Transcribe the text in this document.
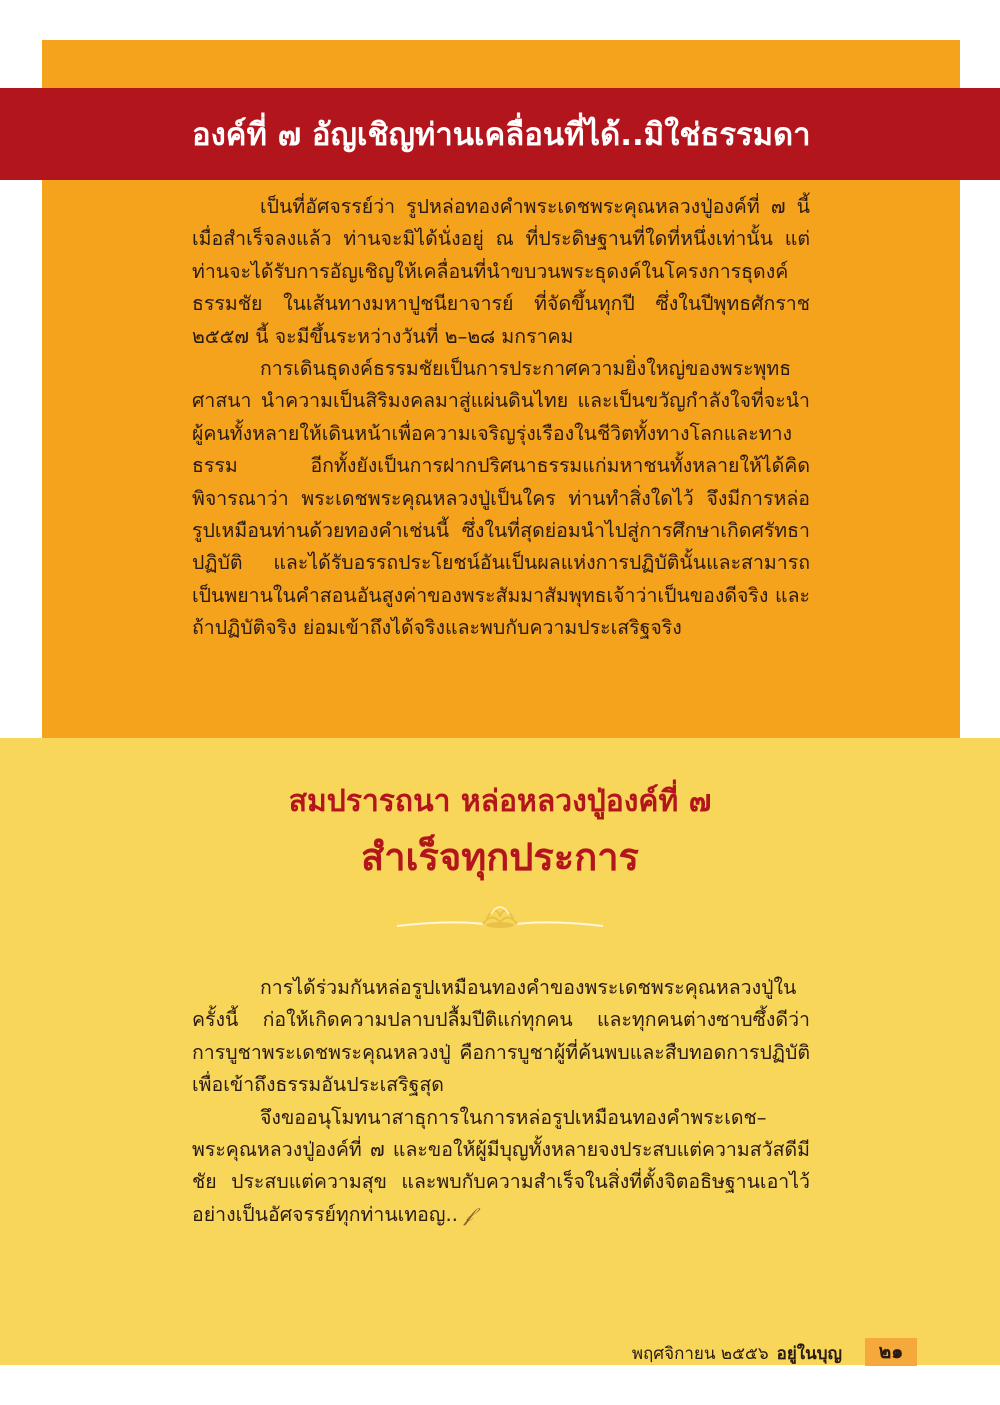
องค์ที่ ๗ อัญเชิญท่านเคลื่อนที่ได้..มิใช่ธรรมดา

เป็นที่อัศจรรย์ว่า รูปหล่อทองคำพระเดชพระคุณหลวงปู่องค์ที่ ๗ นี้ เมื่อสำเร็จลงแล้ว ท่านจะมิได้นั่งอยู่ ณ ที่ประดิษฐานที่ใดที่หนึ่งเท่านั้น แต่ท่านจะได้รับการอัญเชิญให้เคลื่อนที่นำขบวนพระธุดงค์ในโครงการธุดงค์ธรรมชัย ในเส้นทางมหาปูชนียาจารย์ ที่จัดขึ้นทุกปี ซึ่งในปีพุทธศักราช ๒๕๕๗ นี้ จะมีขึ้นระหว่างวันที่ ๒–๒๘ มกราคม

การเดินธุดงค์ธรรมชัยเป็นการประกาศความยิ่งใหญ่ของพระพุทธศาสนา นำความเป็นสิริมงคลมาสู่แผ่นดินไทย และเป็นขวัญกำลังใจที่จะนำผู้คนทั้งหลายให้เดินหน้าเพื่อความเจริญรุ่งเรืองในชีวิตทั้งทางโลกและทางธรรม อีกทั้งยังเป็นการฝากปริศนาธรรมแก่มหาชนทั้งหลายให้ได้คิดพิจารณาว่า พระเดชพระคุณหลวงปู่เป็นใคร ท่านทำสิ่งใดไว้ จึงมีการหล่อรูปเหมือนท่านด้วยทองคำเช่นนี้ ซึ่งในที่สุดย่อมนำไปสู่การศึกษาเกิดศรัทธาปฏิบัติ และได้รับอรรถประโยชน์อันเป็นผลแห่งการปฏิบัตินั้นและสามารถเป็นพยานในคำสอนอันสูงค่าของพระสัมมาสัมพุทธเจ้าว่าเป็นของดีจริง และถ้าปฏิบัติจริง ย่อมเข้าถึงได้จริงและพบกับความประเสริฐจริง

สมปรารถนา หล่อหลวงปู่องค์ที่ ๗
สำเร็จทุกประการ

การได้ร่วมกันหล่อรูปเหมือนทองคำของพระเดชพระคุณหลวงปู่ในครั้งนี้ ก่อให้เกิดความปลาบปลื้มปีติแก่ทุกคน และทุกคนต่างซาบซึ้งดีว่า การบูชาพระเดชพระคุณหลวงปู่ คือการบูชาผู้ที่ค้นพบและสืบทอดการปฏิบัติเพื่อเข้าถึงธรรมอันประเสริฐสุด

จึงขออนุโมทนาสาธุการในการหล่อรูปเหมือนทองคำพระเดช–พระคุณหลวงปู่องค์ที่ ๗ และขอให้ผู้มีบุญทั้งหลายจงประสบแต่ความสวัสดีมีชัย ประสบแต่ความสุข และพบกับความสำเร็จในสิ่งที่ตั้งจิตอธิษฐานเอาไว้อย่างเป็นอัศจรรย์ทุกท่านเทอญ.. 𝒻

พฤศจิกายน ๒๕๕๖ อยู่ในบุญ	๒๑
